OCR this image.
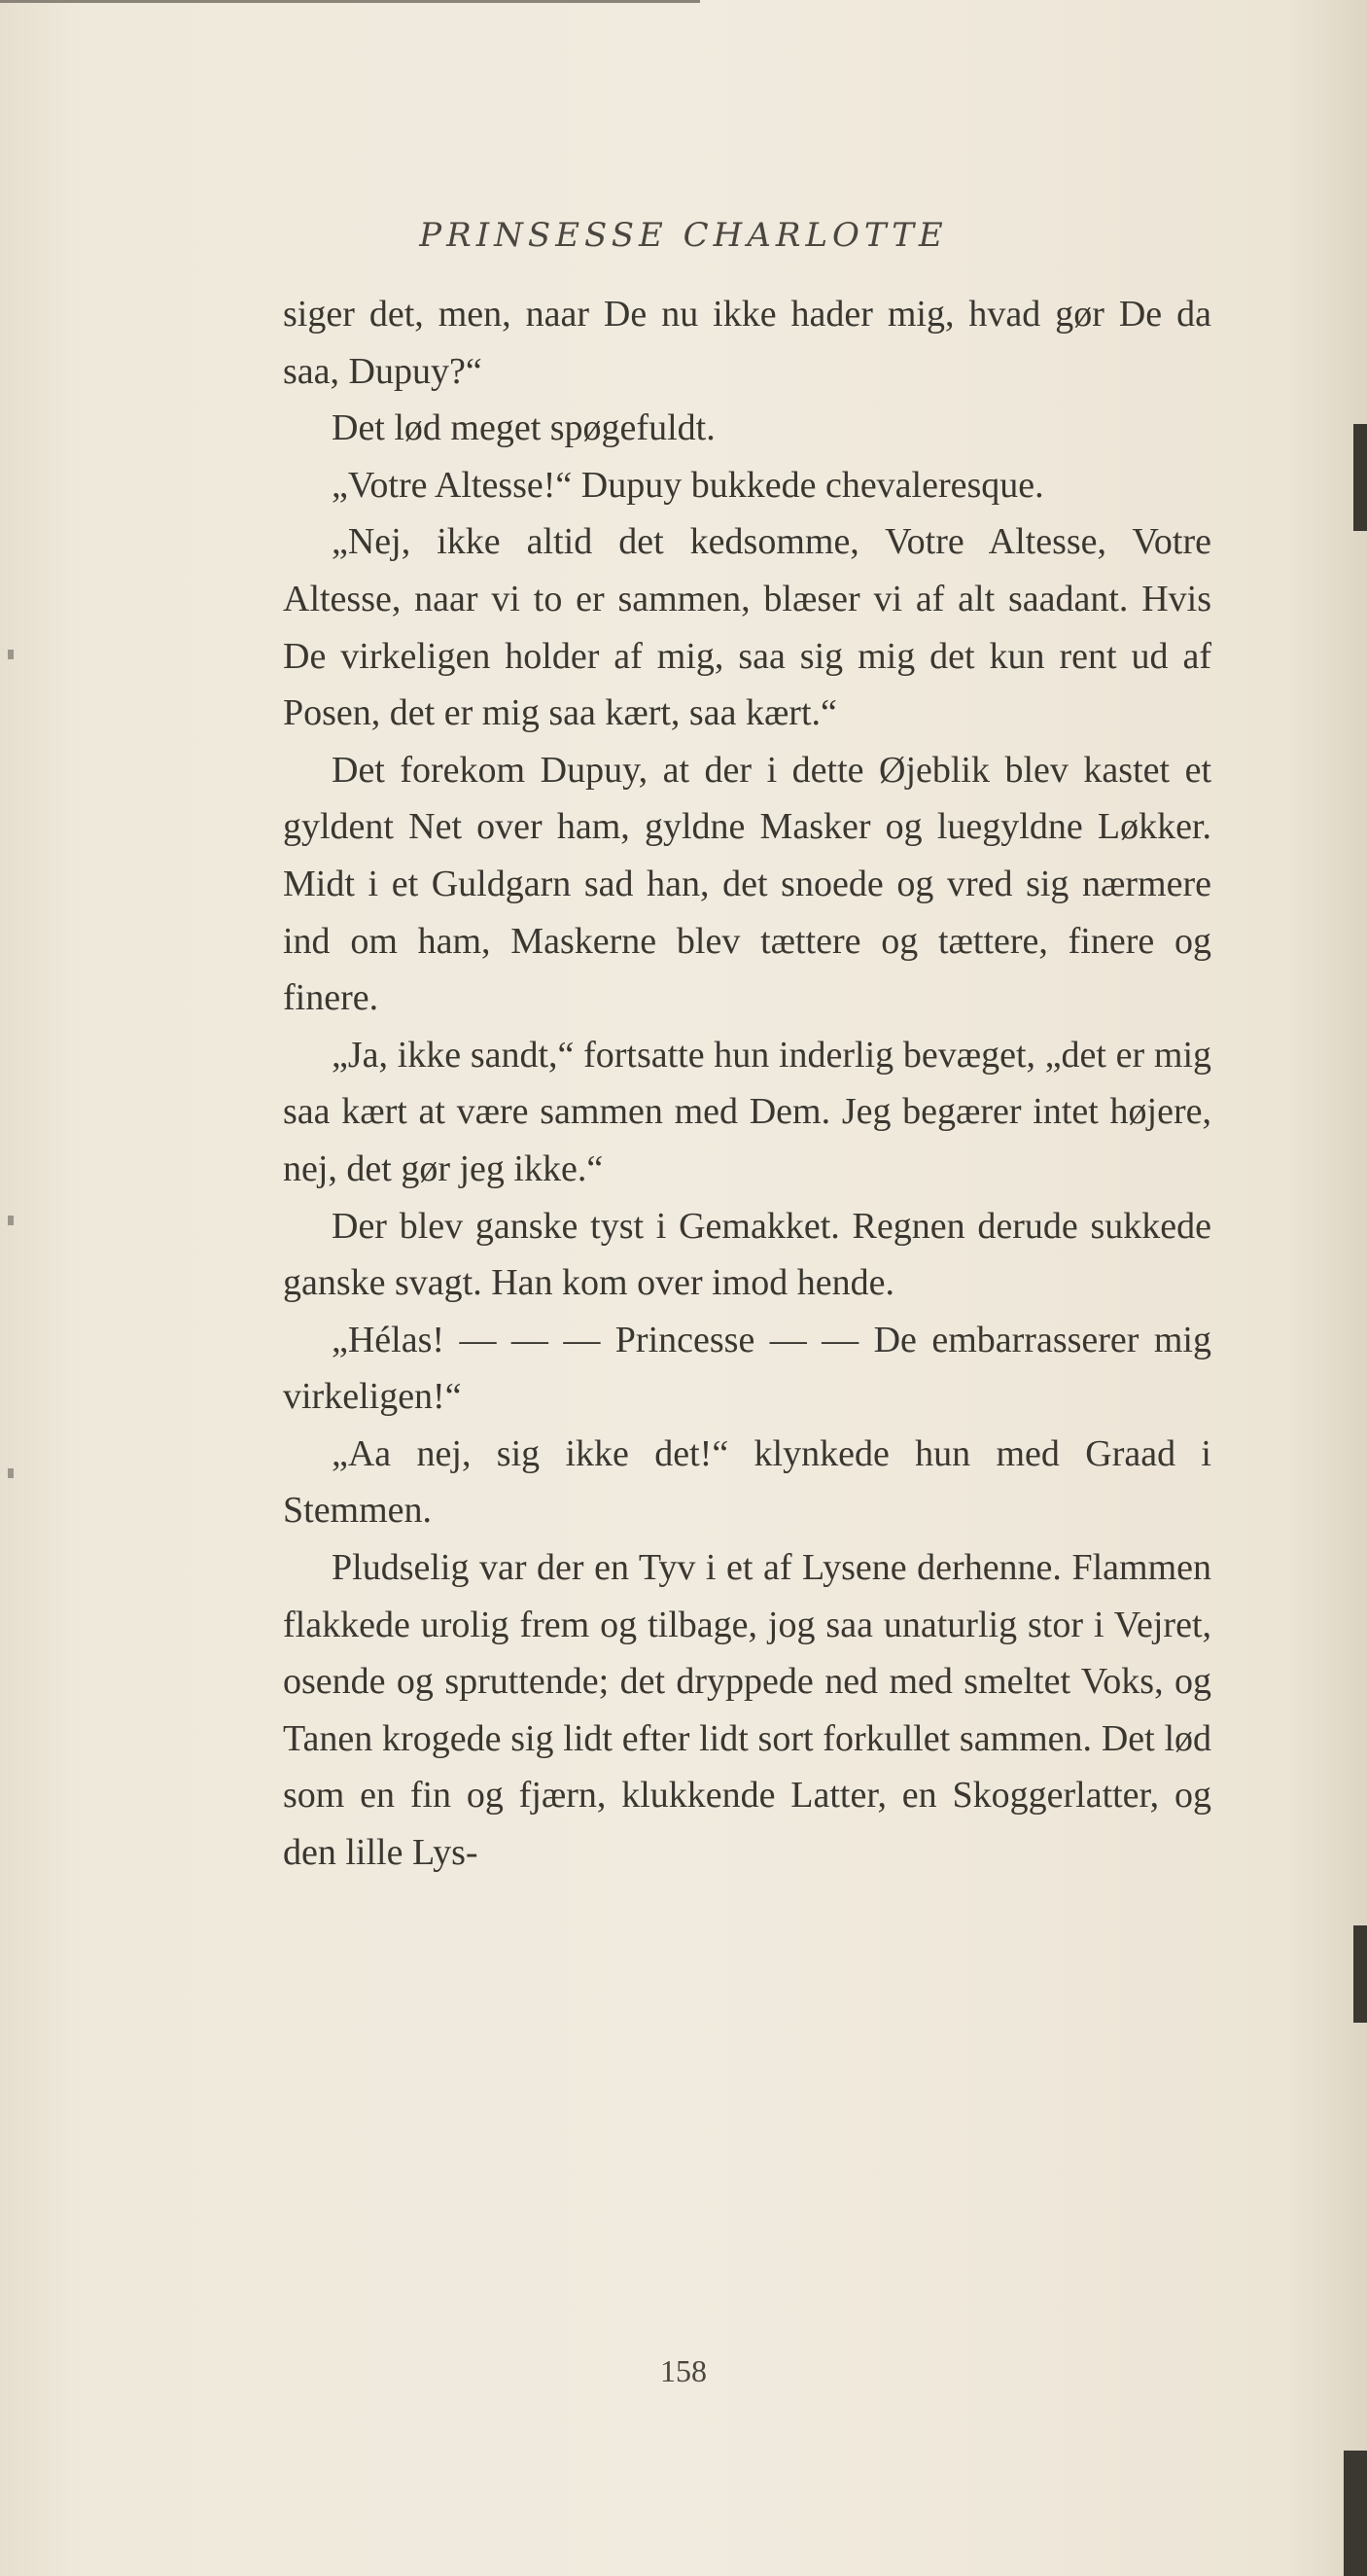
PRINSESSE CHARLOTTE

siger det, men, naar De nu ikke hader mig, hvad gør De da saa, Dupuy?“

Det lød meget spøgefuldt.

„Votre Altesse!“ Dupuy bukkede chevaleresque.

„Nej, ikke altid det kedsomme, Votre Altesse, Votre Altesse, naar vi to er sammen, blæser vi af alt saadant. Hvis De virkeligen holder af mig, saa sig mig det kun rent ud af Posen, det er mig saa kært, saa kært.“

Det forekom Dupuy, at der i dette Øjeblik blev kastet et gyldent Net over ham, gyldne Masker og luegyldne Løkker. Midt i et Guldgarn sad han, det snoede og vred sig nærmere ind om ham, Maskerne blev tættere og tættere, finere og finere.

„Ja, ikke sandt,“ fortsatte hun inderlig bevæget, „det er mig saa kært at være sammen med Dem. Jeg begærer intet højere, nej, det gør jeg ikke.“

Der blev ganske tyst i Gemakket. Regnen derude sukkede ganske svagt. Han kom over imod hende.

„Hélas! — — — Princesse — — De embarrasserer mig virkeligen!“

„Aa nej, sig ikke det!“ klynkede hun med Graad i Stemmen.

Pludselig var der en Tyv i et af Lysene derhenne. Flammen flakkede urolig frem og tilbage, jog saa unaturlig stor i Vejret, osende og spruttende; det dryppede ned med smeltet Voks, og Tanen krogede sig lidt efter lidt sort forkullet sammen. Det lød som en fin og fjærn, klukkende Latter, en Skoggerlatter, og den lille Lys-

158
